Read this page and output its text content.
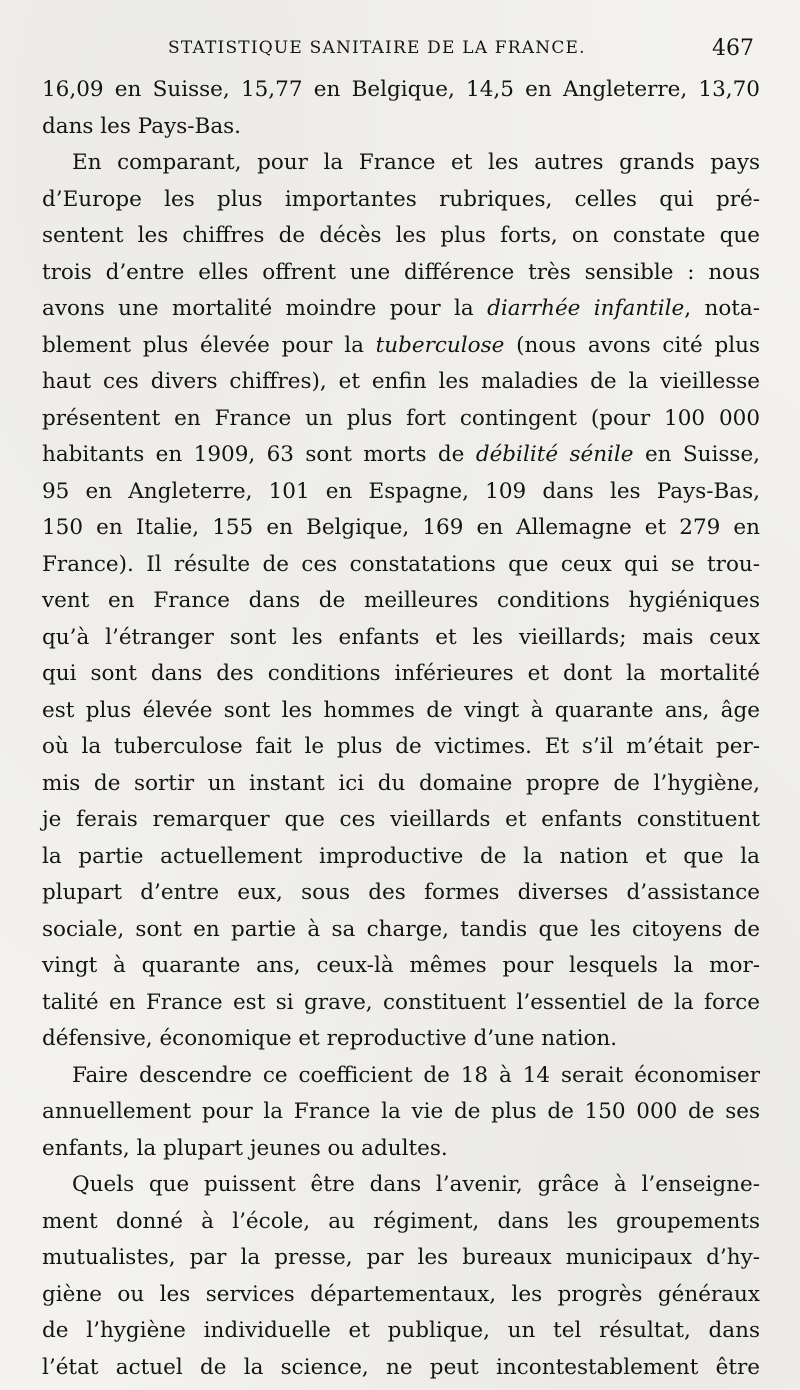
STATISTIQUE SANITAIRE DE LA FRANCE.	467
16,09 en Suisse, 15,77 en Belgique, 14,5 en Angleterre, 13,70
dans les Pays-Bas.
En comparant, pour la France et les autres grands pays
d’Europe les plus importantes rubriques, celles qui pré-
sentent les chiffres de décès les plus forts, on constate que
trois d’entre elles offrent une différence très sensible : nous
avons une mortalité moindre pour la diarrhée infantile, nota-
blement plus élevée pour la tuberculose (nous avons cité plus
haut ces divers chiffres), et enfin les maladies de la vieillesse
présentent en France un plus fort contingent (pour 100 000
habitants en 1909, 63 sont morts de débilité sénile en Suisse,
95 en Angleterre, 101 en Espagne, 109 dans les Pays-Bas,
150 en Italie, 155 en Belgique, 169 en Allemagne et 279 en
France). Il résulte de ces constatations que ceux qui se trou-
vent en France dans de meilleures conditions hygiéniques
qu’à l’étranger sont les enfants et les vieillards; mais ceux
qui sont dans des conditions inférieures et dont la mortalité
est plus élevée sont les hommes de vingt à quarante ans, âge
où la tuberculose fait le plus de victimes. Et s’il m’était per-
mis de sortir un instant ici du domaine propre de l’hygiène,
je ferais remarquer que ces vieillards et enfants constituent
la partie actuellement improductive de la nation et que la
plupart d’entre eux, sous des formes diverses d’assistance
sociale, sont en partie à sa charge, tandis que les citoyens de
vingt à quarante ans, ceux-là mêmes pour lesquels la mor-
talité en France est si grave, constituent l’essentiel de la force
défensive, économique et reproductive d’une nation.
Faire descendre ce coefficient de 18 à 14 serait économiser
annuellement pour la France la vie de plus de 150 000 de ses
enfants, la plupart jeunes ou adultes.
Quels que puissent être dans l’avenir, grâce à l’enseigne-
ment donné à l’école, au régiment, dans les groupements
mutualistes, par la presse, par les bureaux municipaux d’hy-
giène ou les services départementaux, les progrès généraux
de l’hygiène individuelle et publique, un tel résultat, dans
l’état actuel de la science, ne peut incontestablement être
